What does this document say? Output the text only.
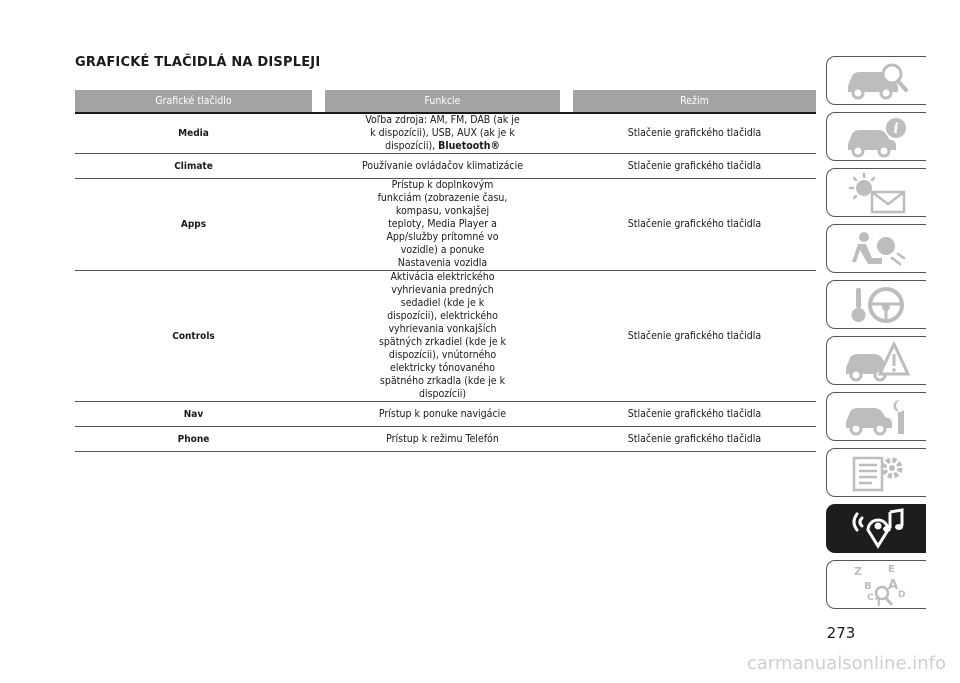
GRAFICKÉ TLAČIDLÁ NA DISPLEJI
Grafické tlačidlo		Funkcie		Režim
Media	Voľba zdroja: AM, FM, DAB (ak je k dispozícii), USB, AUX (ak je k dispozícii), Bluetooth®			Stlačenie grafického tlačidla
Climate	Používanie ovládačov klimatizácie			Stlačenie grafického tlačidla
Apps	Prístup k doplnkovým funkciám (zobrazenie času, kompasu, vonkajšej teploty, Media Player a App/služby prítomné vo vozidle) a ponuke Nastavenia vozidla			Stlačenie grafického tlačidla
Controls	Aktivácia elektrického vyhrievania predných sedadiel (kde je k dispozícii), elektrického vyhrievania vonkajších spätných zrkadiel (kde je k dispozícii), vnútorného elektricky tónovaného spätného zrkadla (kde je k dispozícii)			Stlačenie grafického tlačidla
Nav	Prístup k ponuke navigácie			Stlačenie grafického tlačidla
Phone	Prístup k režimu Telefón			Stlačenie grafického tlačidla
i
Z	E
B A
C	D
T
273
carmanualsonline.info
